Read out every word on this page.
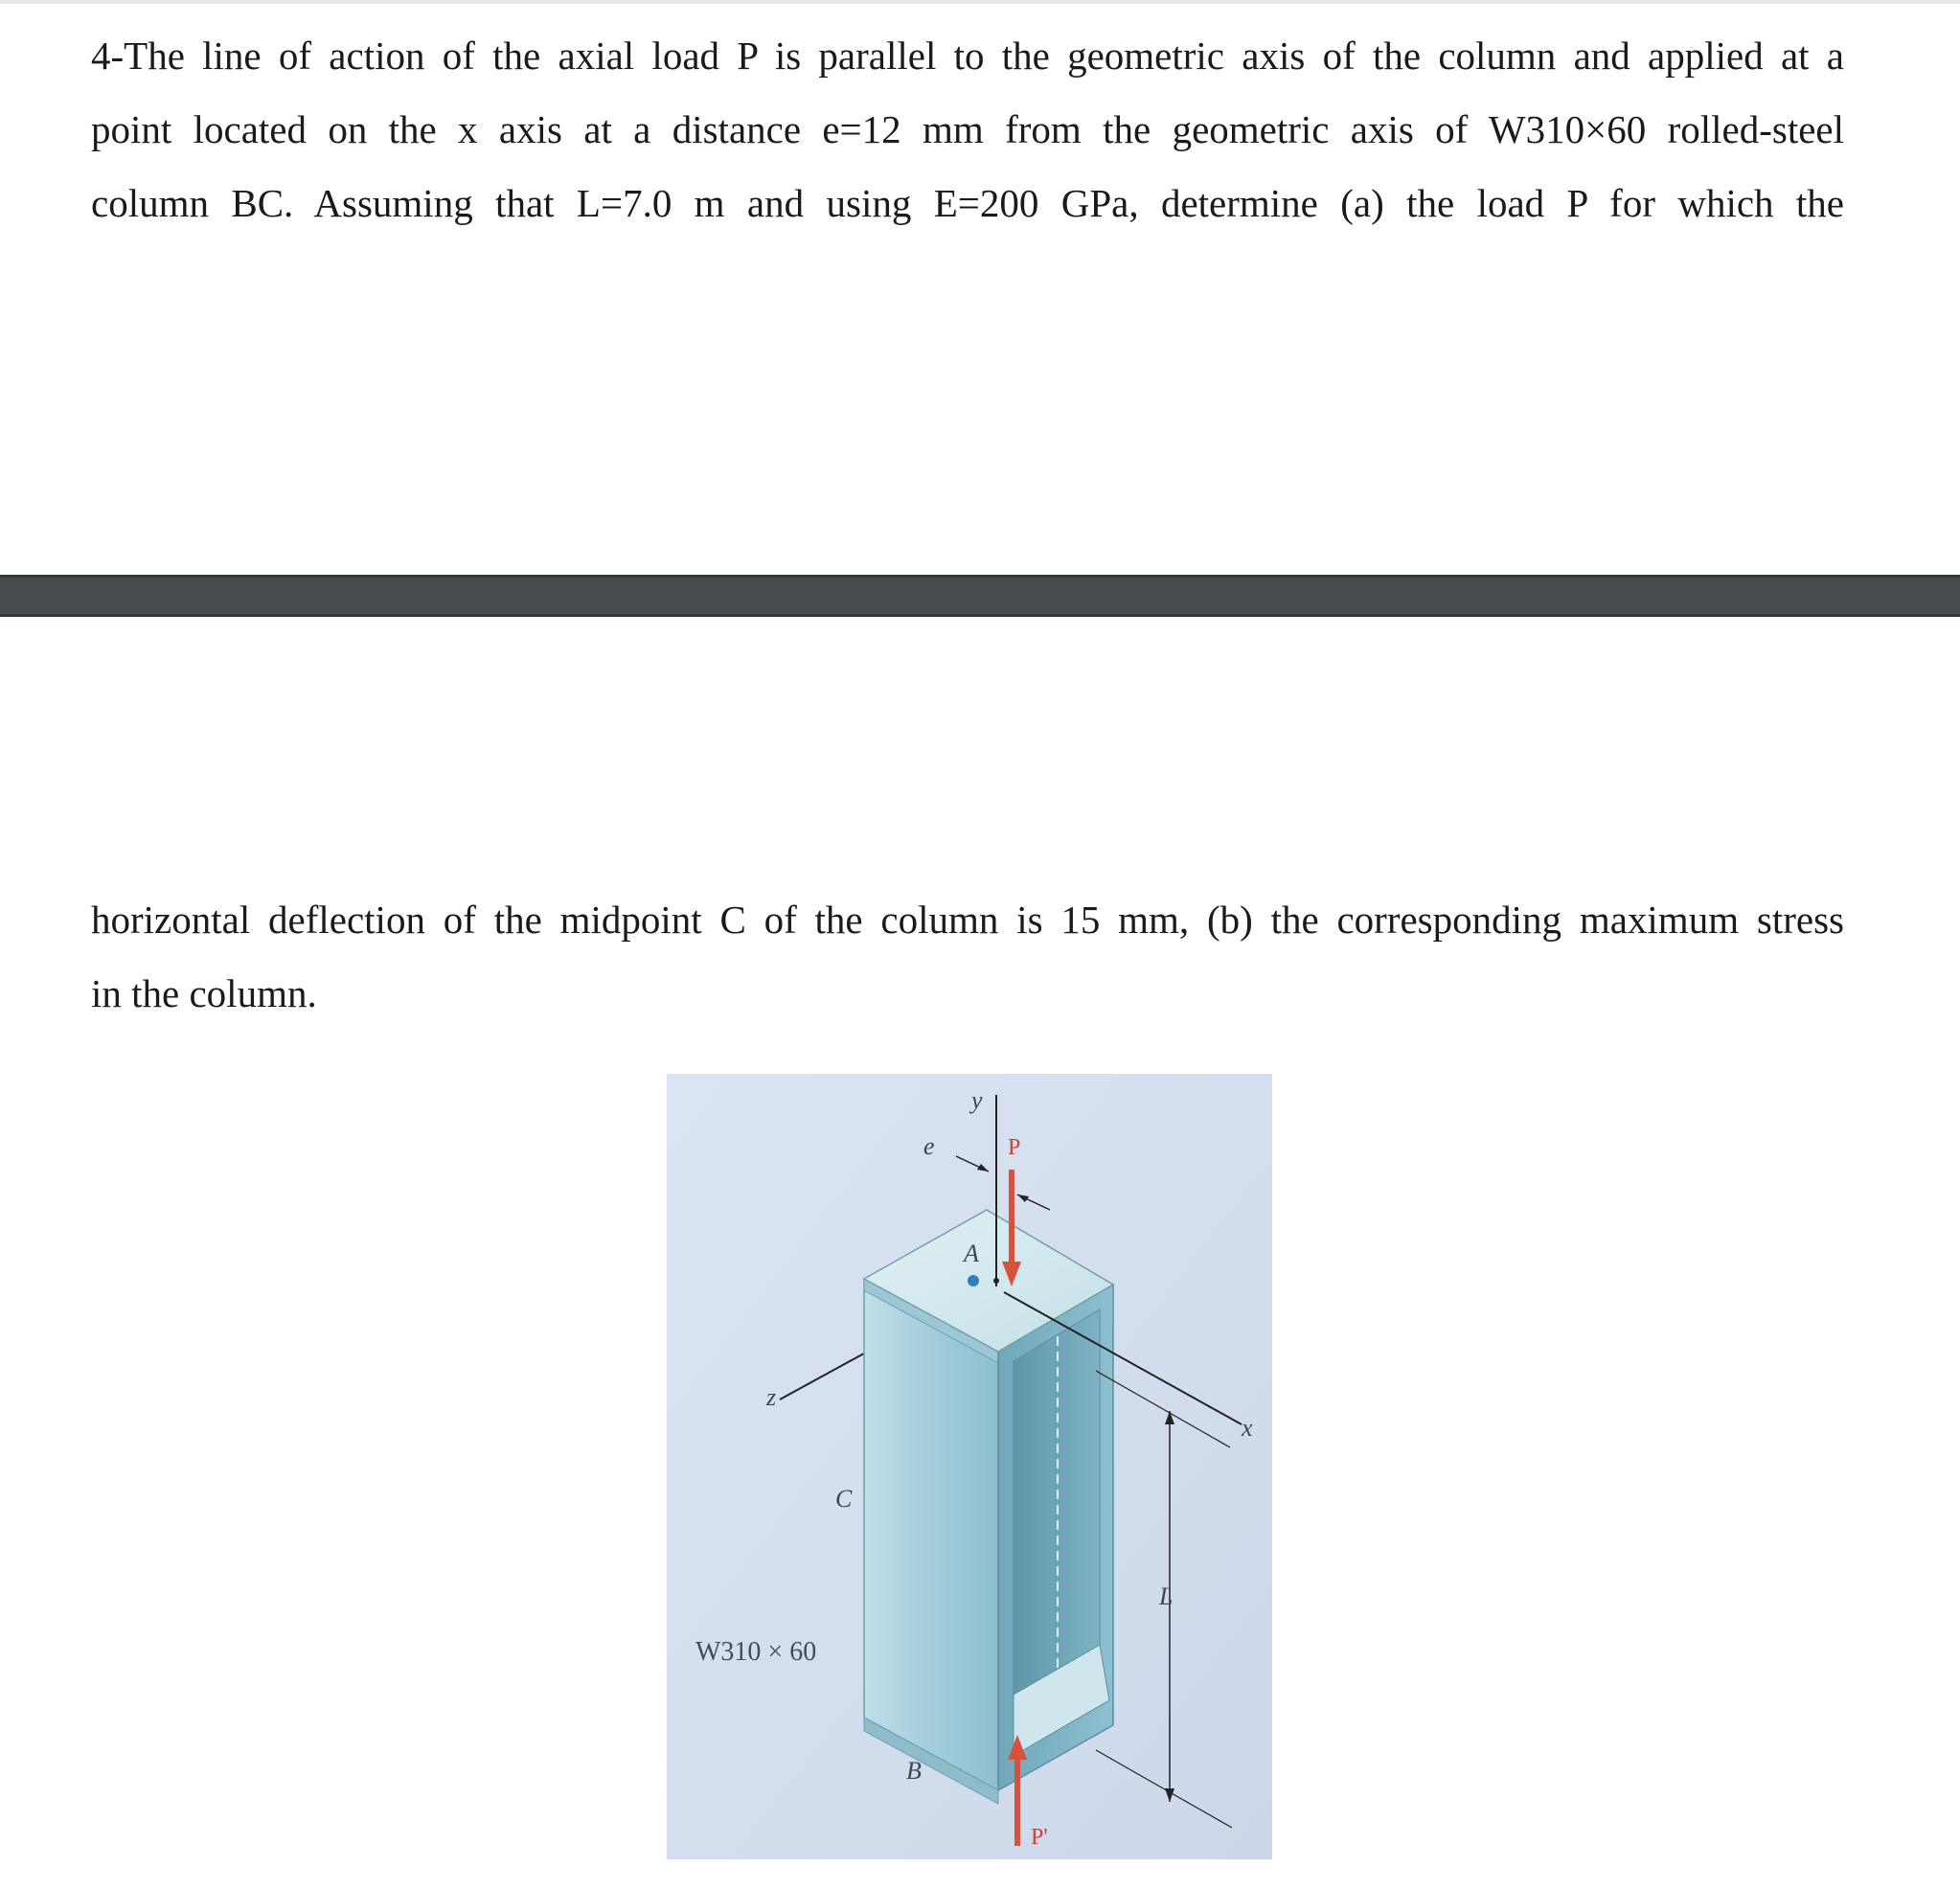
4-The line of action of the axial load P is parallel to the geometric axis of the column and applied at a
point located on the x axis at a distance e=12 mm from the geometric axis of W310×60 rolled-steel
column BC. Assuming that L=7.0 m and using E=200 GPa, determine (a) the load P for which the
horizontal deflection of the midpoint C of the column is 15 mm, (b) the corresponding maximum stress
in the column.
y
e	P
A
z
x
C
L
B
P'
W310 × 60
